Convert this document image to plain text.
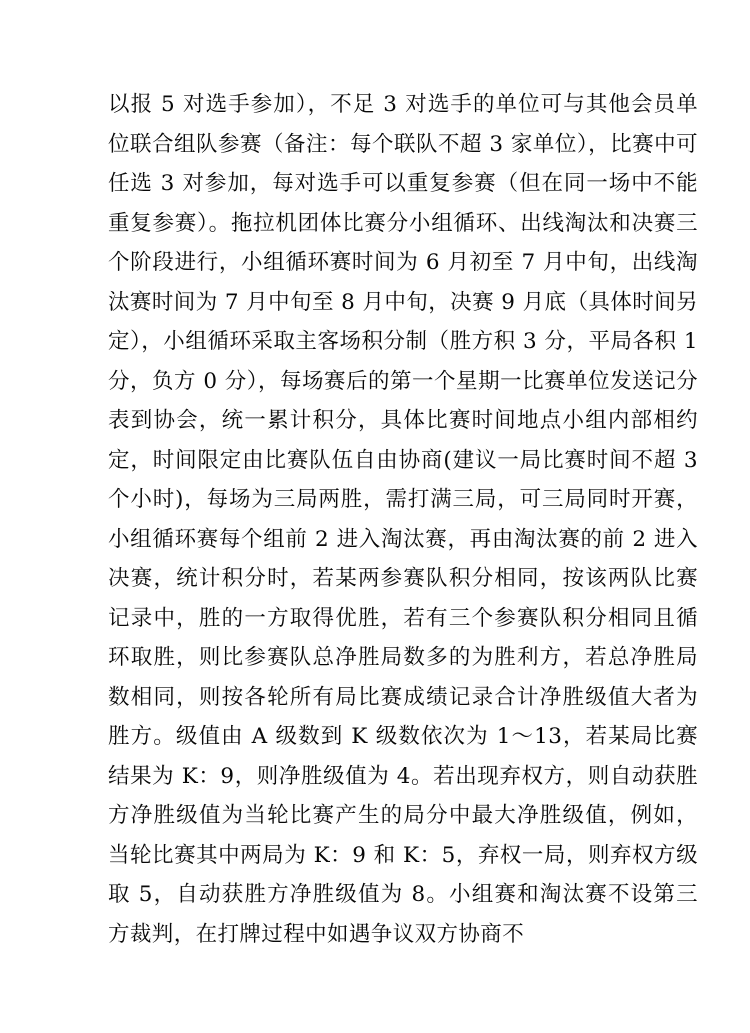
以报 5 对选手参加），不足 3 对选手的单位可与其他会员单位联合组队参赛（备注：每个联队不超 3 家单位），比赛中可任选 3 对参加，每对选手可以重复参赛（但在同一场中不能重复参赛）。拖拉机团体比赛分小组循环、出线淘汰和决赛三个阶段进行，小组循环赛时间为 6 月初至 7 月中旬，出线淘汰赛时间为 7 月中旬至 8 月中旬，决赛 9 月底（具体时间另定），小组循环采取主客场积分制（胜方积 3 分，平局各积 1 分，负方 0 分），每场赛后的第一个星期一比赛单位发送记分表到协会，统一累计积分，具体比赛时间地点小组内部相约定，时间限定由比赛队伍自由协商(建议一局比赛时间不超 3 个小时)，每场为三局两胜，需打满三局，可三局同时开赛，小组循环赛每个组前 2 进入淘汰赛，再由淘汰赛的前 2 进入决赛，统计积分时，若某两参赛队积分相同，按该两队比赛记录中，胜的一方取得优胜，若有三个参赛队积分相同且循环取胜，则比参赛队总净胜局数多的为胜利方，若总净胜局数相同，则按各轮所有局比赛成绩记录合计净胜级值大者为胜方。级值由 A 级数到 K 级数依次为 1～13，若某局比赛结果为 K：9，则净胜级值为 4。若出现弃权方，则自动获胜方净胜级值为当轮比赛产生的局分中最大净胜级值，例如，当轮比赛其中两局为 K：9 和 K：5，弃权一局，则弃权方级取 5，自动获胜方净胜级值为 8。小组赛和淘汰赛不设第三方裁判，在打牌过程中如遇争议双方协商不
